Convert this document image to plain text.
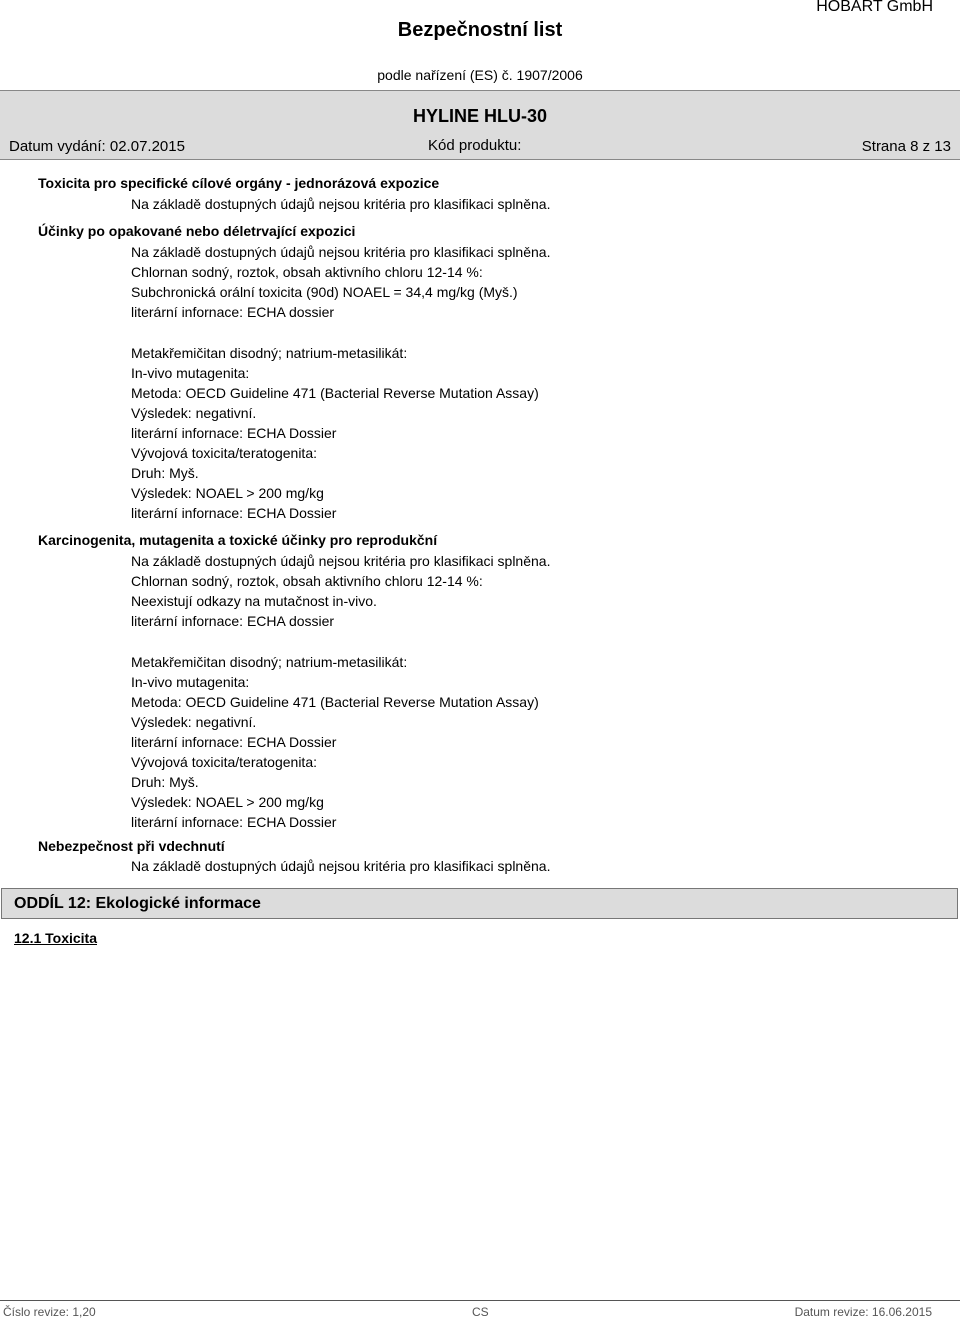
HOBART GmbH
Bezpečnostní list
podle nařízení (ES) č. 1907/2006
HYLINE HLU-30
Datum vydání: 02.07.2015	Kód produktu:	Strana 8 z 13
Toxicita pro specifické cílové orgány - jednorázová expozice
Na základě dostupných údajů nejsou kritéria pro klasifikaci splněna.
Účinky po opakované nebo déletrvající expozici
Na základě dostupných údajů nejsou kritéria pro klasifikaci splněna.
Chlornan sodný, roztok, obsah aktivního chloru 12-14 %:
Subchronická orální toxicita (90d) NOAEL = 34,4 mg/kg (Myš.)
literární infornace: ECHA dossier
Metakřemičitan disodný; natrium-metasilikát:
In-vivo mutagenita:
Metoda: OECD Guideline 471 (Bacterial Reverse Mutation Assay)
Výsledek: negativní.
literární infornace: ECHA Dossier
Vývojová toxicita/teratogenita:
Druh: Myš.
Výsledek: NOAEL > 200 mg/kg
literární infornace: ECHA Dossier
Karcinogenita, mutagenita a toxické účinky pro reprodukční
Na základě dostupných údajů nejsou kritéria pro klasifikaci splněna.
Chlornan sodný, roztok, obsah aktivního chloru 12-14 %:
Neexistují odkazy na mutačnost in-vivo.
literární infornace: ECHA dossier
Metakřemičitan disodný; natrium-metasilikát:
In-vivo mutagenita:
Metoda: OECD Guideline 471 (Bacterial Reverse Mutation Assay)
Výsledek: negativní.
literární infornace: ECHA Dossier
Vývojová toxicita/teratogenita:
Druh: Myš.
Výsledek: NOAEL > 200 mg/kg
literární infornace: ECHA Dossier
Nebezpečnost při vdechnutí
Na základě dostupných údajů nejsou kritéria pro klasifikaci splněna.
ODDÍL 12: Ekologické informace
12.1 Toxicita
Číslo revize: 1,20	CS	Datum revize: 16.06.2015
